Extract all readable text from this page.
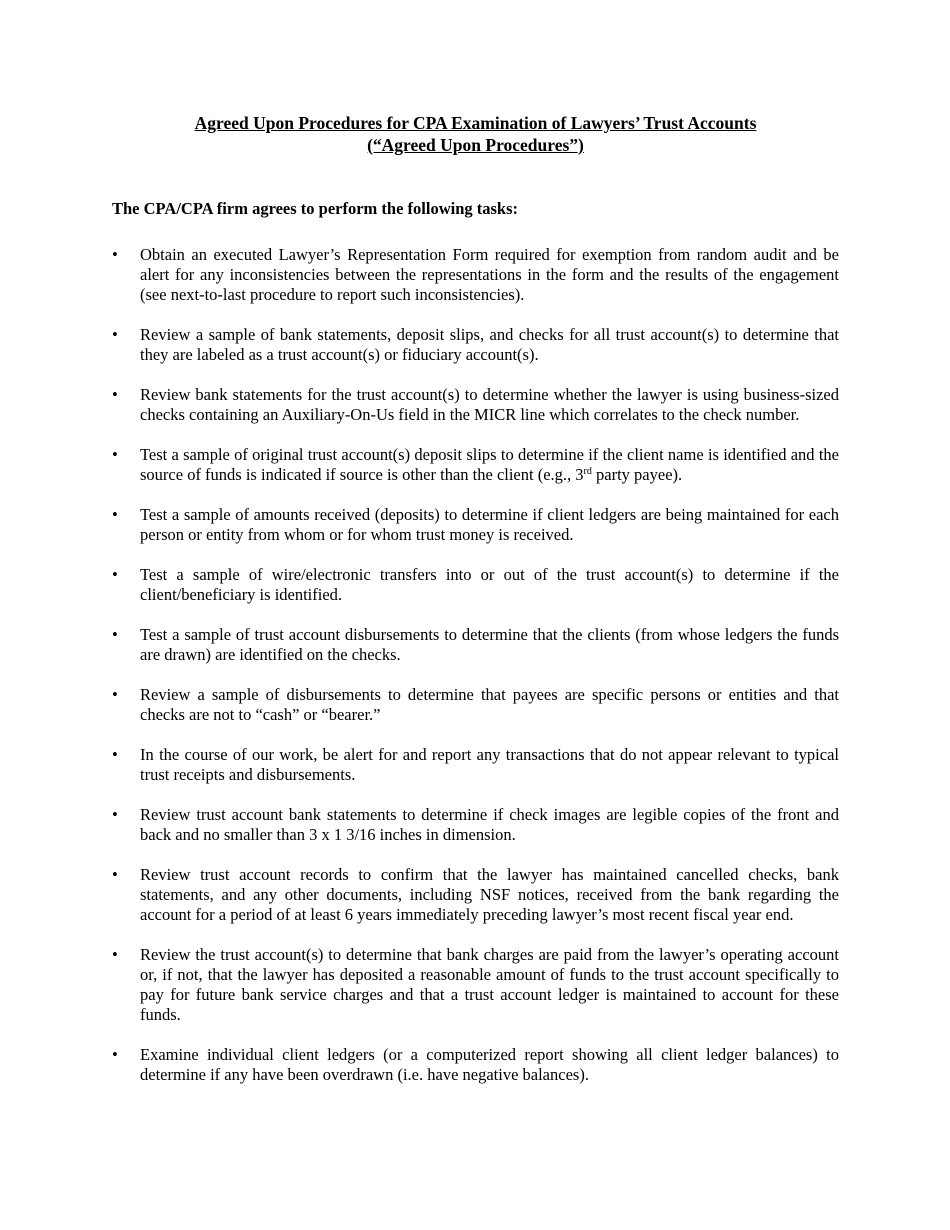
Agreed Upon Procedures for CPA Examination of Lawyers’ Trust Accounts
(“Agreed Upon Procedures”)

The CPA/CPA firm agrees to perform the following tasks:

• Obtain an executed Lawyer’s Representation Form required for exemption from random audit and be alert for any inconsistencies between the representations in the form and the results of the engagement (see next-to-last procedure to report such inconsistencies).
• Review a sample of bank statements, deposit slips, and checks for all trust account(s) to determine that they are labeled as a trust account(s) or fiduciary account(s).
• Review bank statements for the trust account(s) to determine whether the lawyer is using business-sized checks containing an Auxiliary-On-Us field in the MICR line which correlates to the check number.
• Test a sample of original trust account(s) deposit slips to determine if the client name is identified and the source of funds is indicated if source is other than the client (e.g., 3rd party payee).
• Test a sample of amounts received (deposits) to determine if client ledgers are being maintained for each person or entity from whom or for whom trust money is received.
• Test a sample of wire/electronic transfers into or out of the trust account(s) to determine if the client/beneficiary is identified.
• Test a sample of trust account disbursements to determine that the clients (from whose ledgers the funds are drawn) are identified on the checks.
• Review a sample of disbursements to determine that payees are specific persons or entities and that checks are not to “cash” or “bearer.”
• In the course of our work, be alert for and report any transactions that do not appear relevant to typical trust receipts and disbursements.
• Review trust account bank statements to determine if check images are legible copies of the front and back and no smaller than 3 x 1 3/16 inches in dimension.
• Review trust account records to confirm that the lawyer has maintained cancelled checks, bank statements, and any other documents, including NSF notices, received from the bank regarding the account for a period of at least 6 years immediately preceding lawyer’s most recent fiscal year end.
• Review the trust account(s) to determine that bank charges are paid from the lawyer’s operating account or, if not, that the lawyer has deposited a reasonable amount of funds to the trust account specifically to pay for future bank service charges and that a trust account ledger is maintained to account for these funds.
• Examine individual client ledgers (or a computerized report showing all client ledger balances) to determine if any have been overdrawn (i.e. have negative balances).
